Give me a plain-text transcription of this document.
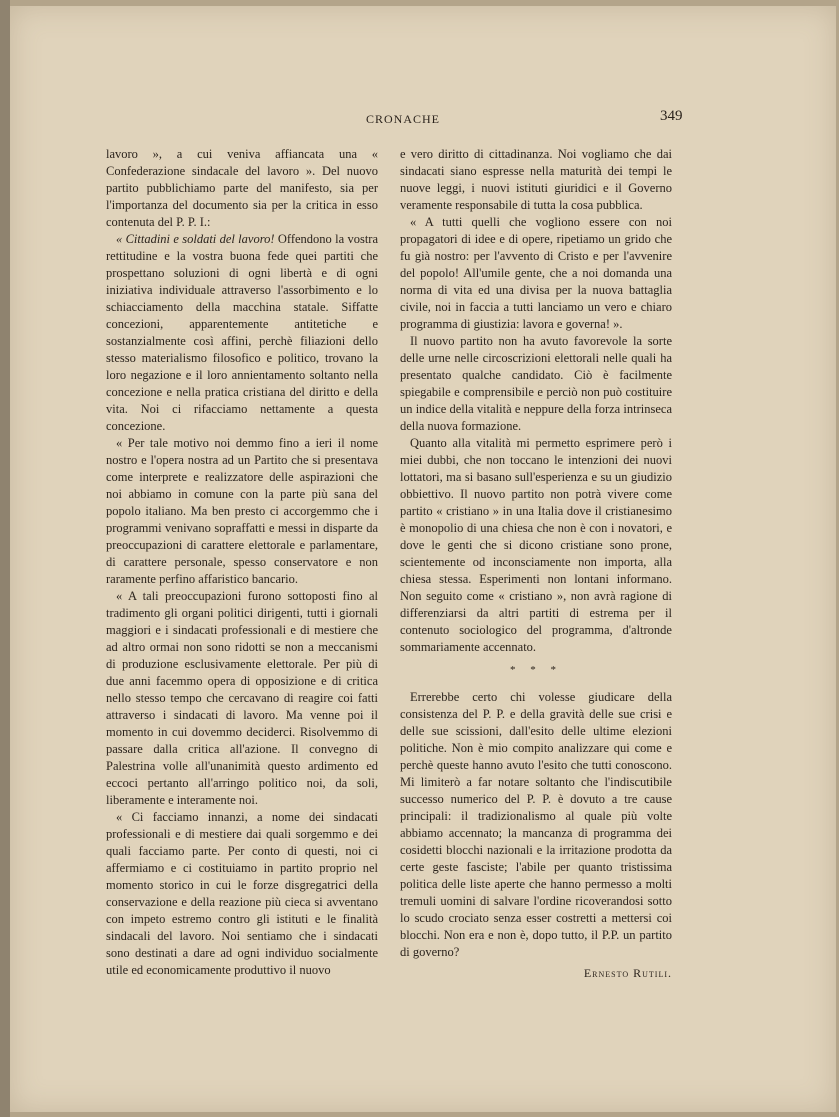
CRONACHE	349

lavoro », a cui veniva affiancata una « Confederazione sindacale del lavoro ». Del nuovo partito pubblichiamo parte del manifesto, sia per l'importanza del documento sia per la critica in esso contenuta del P. P. I.:

« Cittadini e soldati del lavoro! Offendono la vostra rettitudine e la vostra buona fede quei partiti che prospettano soluzioni di ogni libertà e di ogni iniziativa individuale attraverso l'assorbimento e lo schiacciamento della macchina statale. Siffatte concezioni, apparentemente antitetiche e sostanzialmente così affini, perchè filiazioni dello stesso materialismo filosofico e politico, trovano la loro negazione e il loro annientamento soltanto nella concezione e nella pratica cristiana del diritto e della vita. Noi ci rifacciamo nettamente a questa concezione.

« Per tale motivo noi demmo fino a ieri il nome nostro e l'opera nostra ad un Partito che si presentava come interprete e realizzatore delle aspirazioni che noi abbiamo in comune con la parte più sana del popolo italiano. Ma ben presto ci accorgemmo che i programmi venivano sopraffatti e messi in disparte da preoccupazioni di carattere elettorale e parlamentare, di carattere personale, spesso conservatore e non raramente perfino affaristico bancario.

« A tali preoccupazioni furono sottoposti fino al tradimento gli organi politici dirigenti, tutti i giornali maggiori e i sindacati professionali e di mestiere che ad altro ormai non sono ridotti se non a meccanismi di produzione esclusivamente elettorale. Per più di due anni facemmo opera di opposizione e di critica nello stesso tempo che cercavano di reagire coi fatti attraverso i sindacati di lavoro. Ma venne poi il momento in cui dovemmo deciderci. Risolvemmo di passare dalla critica all'azione. Il convegno di Palestrina volle all'unanimità questo ardimento ed eccoci pertanto all'arringo politico noi, da soli, liberamente e interamente noi.

« Ci facciamo innanzi, a nome dei sindacati professionali e di mestiere dai quali sorgemmo e dei quali facciamo parte. Per conto di questi, noi ci affermiamo e ci costituiamo in partito proprio nel momento storico in cui le forze disgregatrici della conservazione e della reazione più cieca si avventano con impeto estremo contro gli istituti e le finalità sindacali del lavoro. Noi sentiamo che i sindacati sono destinati a dare ad ogni individuo socialmente utile ed economicamente produttivo il nuovo

e vero diritto di cittadinanza. Noi vogliamo che dai sindacati siano espresse nella maturità dei tempi le nuove leggi, i nuovi istituti giuridici e il Governo veramente responsabile di tutta la cosa pubblica.

« A tutti quelli che vogliono essere con noi propagatori di idee e di opere, ripetiamo un grido che fu già nostro: per l'avvento di Cristo e per l'avvenire del popolo! All'umile gente, che a noi domanda una norma di vita ed una divisa per la nuova battaglia civile, noi in faccia a tutti lanciamo un vero e chiaro programma di giustizia: lavora e governa! ».

Il nuovo partito non ha avuto favorevole la sorte delle urne nelle circoscrizioni elettorali nelle quali ha presentato qualche candidato. Ciò è facilmente spiegabile e comprensibile e perciò non può costituire un indice della vitalità e neppure della forza intrinseca della nuova formazione.

Quanto alla vitalità mi permetto esprimere però i miei dubbi, che non toccano le intenzioni dei nuovi lottatori, ma si basano sull'esperienza e su un giudizio obbiettivo. Il nuovo partito non potrà vivere come partito « cristiano » in una Italia dove il cristianesimo è monopolio di una chiesa che non è con i novatori, e dove le genti che si dicono cristiane sono prone, scientemente od inconsciamente non importa, alla chiesa stessa. Esperimenti non lontani informano. Non seguito come « cristiano », non avrà ragione di differenziarsi da altri partiti di estrema per il contenuto sociologico del programma, d'altronde sommariamente accennato.

* * *

Errerebbe certo chi volesse giudicare della consistenza del P. P. e della gravità delle sue crisi e delle sue scissioni, dall'esito delle ultime elezioni politiche. Non è mio compito analizzare qui come e perchè queste hanno avuto l'esito che tutti conoscono. Mi limiterò a far notare soltanto che l'indiscutibile successo numerico del P. P. è dovuto a tre cause principali: il tradizionalismo al quale più volte abbiamo accennato; la mancanza di programma dei cosidetti blocchi nazionali e la irritazione prodotta da certe geste fasciste; l'abile per quanto tristissima politica delle liste aperte che hanno permesso a molti tremuli uomini di salvare l'ordine ricoverandosi sotto lo scudo crociato senza esser costretti a mettersi coi blocchi. Non era e non è, dopo tutto, il P.P. un partito di governo?

Ernesto Rutili.
